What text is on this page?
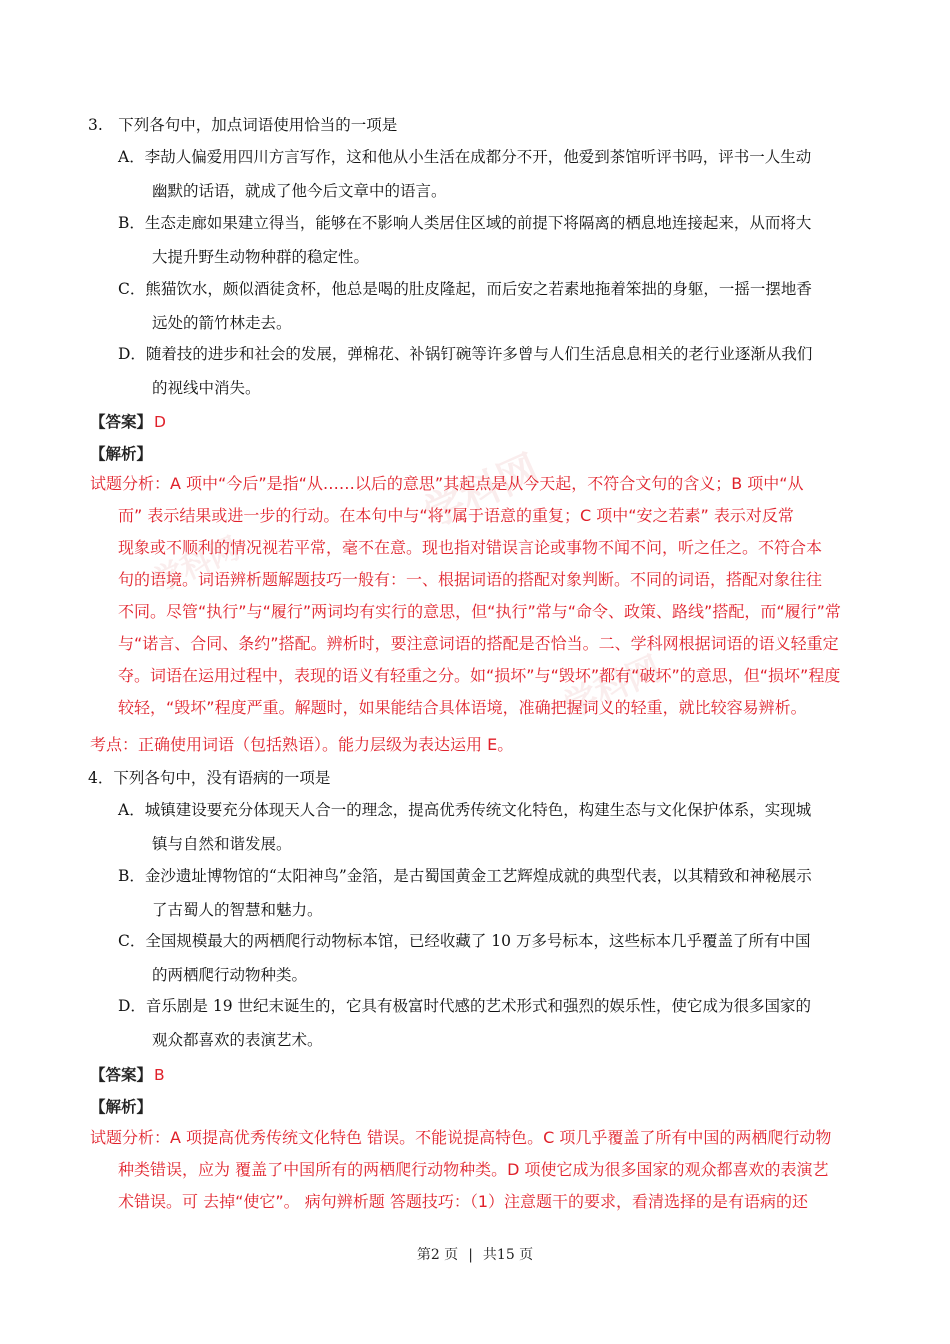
学科网
学科网
学科网
3.　下列各句中，加点词语使用恰当的一项是
A．李劼人偏爱用四川方言写作，这和他从小生活在成都分不开，他爱到茶馆听评书吗，评书一人生动
幽默的话语，就成了他今后文章中的语言。
B．生态走廊如果建立得当，能够在不影响人类居住区域的前提下将隔离的栖息地连接起来，从而将大
大提升野生动物种群的稳定性。
C．熊猫饮水，颇似酒徒贪杯，他总是喝的肚皮隆起，而后安之若素地拖着笨拙的身躯，一摇一摆地香
远处的箭竹林走去。
D．随着技的进步和社会的发展，弹棉花、补锅钉碗等许多曾与人们生活息息相关的老行业逐渐从我们
的视线中消失。
【答案】 D
【解析】
试题分析：A 项中“今后”是指“从……以后的意思”其起点是从今天起，不符合文句的含义；B 项中“从
而” 表示结果或进一步的行动。在本句中与“将”属于语意的重复；C 项中“安之若素” 表示对反常
现象或不顺利的情况视若平常，毫不在意。现也指对错误言论或事物不闻不问，听之任之。不符合本
句的语境。词语辨析题解题技巧一般有：一、根据词语的搭配对象判断。不同的词语，搭配对象往往
不同。尽管“执行”与“履行”两词均有实行的意思，但“执行”常与“命令、政策、路线”搭配，而“履行”常
与“诺言、合同、条约”搭配。辨析时，要注意词语的搭配是否恰当。二、学科网根据词语的语义轻重定
夺。词语在运用过程中，表现的语义有轻重之分。如“损坏”与“毁坏”都有“破坏”的意思，但“损坏”程度
较轻，“毁坏”程度严重。解题时，如果能结合具体语境，准确把握词义的轻重，就比较容易辨析。
考点：正确使用词语（包括熟语）。能力层级为表达运用 E。
4．下列各句中，没有语病的一项是
A．城镇建设要充分体现天人合一的理念，提高优秀传统文化特色，构建生态与文化保护体系，实现城
镇与自然和谐发展。
B．金沙遗址博物馆的“太阳神鸟”金箔，是古蜀国黄金工艺辉煌成就的典型代表，以其精致和神秘展示
了古蜀人的智慧和魅力。
C．全国规模最大的两栖爬行动物标本馆，已经收藏了 10 万多号标本，这些标本几乎覆盖了所有中国
的两栖爬行动物种类。
D．音乐剧是 19 世纪末诞生的，它具有极富时代感的艺术形式和强烈的娱乐性，使它成为很多国家的
观众都喜欢的表演艺术。
【答案】 B
【解析】
试题分析：A 项提高优秀传统文化特色 错误。不能说提高特色。C 项几乎覆盖了所有中国的两栖爬行动物
种类错误，应为 覆盖了中国所有的两栖爬行动物种类。D 项使它成为很多国家的观众都喜欢的表演艺
术错误。可 去掉“使它”。 病句辨析题 答题技巧：（1）注意题干的要求，看清选择的是有语病的还
第2 页 | 共15 页
